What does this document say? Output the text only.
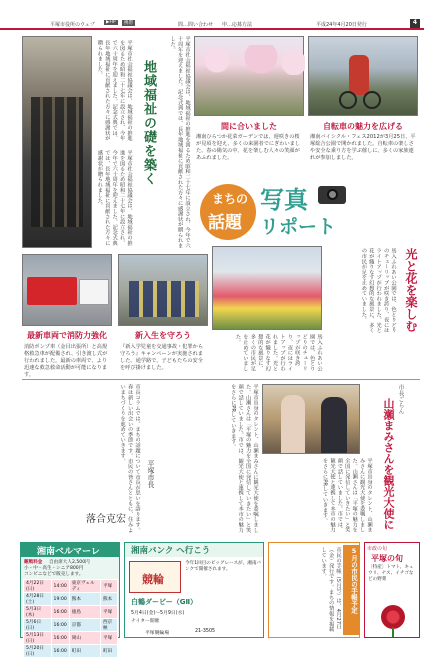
平塚市役所のウェブ	▶HP	携帯	問…問い合わせ 申…応募方法	平成24年4月20日発行	4
平塚市社会福祉協議会は、地域福祉の推進を図るため昭和二十七年に設立され、今年で六十周年を迎えました。記念式典では、長年地域福祉に貢献された方々に感謝状が贈られました。
地域福祉の礎を築く
平塚市社会福祉協議会は、地域福祉の推進を図るため昭和二十七年に設立され、今年で六十周年を迎えました。記念式典では、長年地域福祉に貢献された方々に感謝状が贈られました。	平塚市社会福祉協議会は、地域福祉の推進を図るため昭和二十七年に設立され、今年で六十周年を迎えました。記念式典では、長年地域福祉に貢献された方々に感謝状が贈られました。
間に合いました
湘南ひらつか花菜ガーデンでは、遅咲きの桜が見頃を迎え、多くの来園者でにぎわいました。春の陽気の中、花を楽しむ人々の笑顔があふれました。
自転車の魅力を広げる
湘南バイシクル・フェス2012が3月25日、平塚総合公園で開かれました。自転車の楽しさや安全な乗り方を学ぶ催しに、多くの家族連れが参加しました。
まちの
話題
写真
リポート
馬入ふれあい公園では、色とりどりのチューリップが咲き誇り、夜にはライトアップが行われました。光と花が織りなす幻想的な風景に、多くの市民が足を止めていました。	光と花を楽しむ
馬入ふれあい公園では、色とりどりのチューリップが咲き誇り、夜にはライトアップが行われました。光と花が織りなす幻想的な風景に、多くの市民が足を止めていました。
最新車両で消防力強化
消防ポンプ車（金目出張所）と高規格救急車が配備され、引き渡し式が行われました。最新の車両で、より迅速な救急救命活動が可能になります。
新入生を守ろう
『新入学児童を交通事故・犯罪から守ろう』キャンペーンが実施されました。通学路で、子どもたちの安全を呼び掛けました。
市長ごらん
山瀬まみさんを観光大使に
平塚市出身のタレント、山瀬まみさんに観光大使を委嘱しました。山瀬さんは「平塚の魅力を全国に発信していきたい」と笑顔で話していました。市では、観光大使と連携して本市の魅力をさらにPRしていきます。
平塚市出身のタレント、山瀬まみさんに観光大使を委嘱しました。山瀬さんは「平塚の魅力を全国に発信していきたい」と笑顔で話していました。市では、観光大使と連携して本市の魅力をさらにPRしていきます。
市長コラムでは、まちの話題について市長が思いを語ります。春は新しい出会いの季節です。市民の皆さんとともに、住みよいまちづくりを進めていきます。
平塚市長
落合克宏
湘南ベルマーレ
観戦料金 自由席大人2,500円
小・中・高生・シニア800円
コンビニなどで販売します。
4月22日(日)	14:00	東京ヴェルディ	平塚
4月28日(土)	19:00	熊本	熊本
5月3日(木)	16:00	徳島	平塚
5月6日(日)	16:00	京都	西京極
5月13日(日)	16:00	岡山	平塚
5月20日(日)	16:00	町田	町田
湘南バンク へ行こう
今年1回目のビッグレースが、湘南バンクで開催されます。
競輪
白鶴ダービー（GⅡ）
5月4日(金)〜5月9日(水)
ナイター開催
平塚競輪場	21-3505
5月の市民の手帳予定
市民の手帳（5月号）は、4月27日（金）発行です。まちの情報を掲載しています。	市政の旬
平塚の旬
〔特産〕トマト、キュウリ、ナス、イチゴなどの野菜
